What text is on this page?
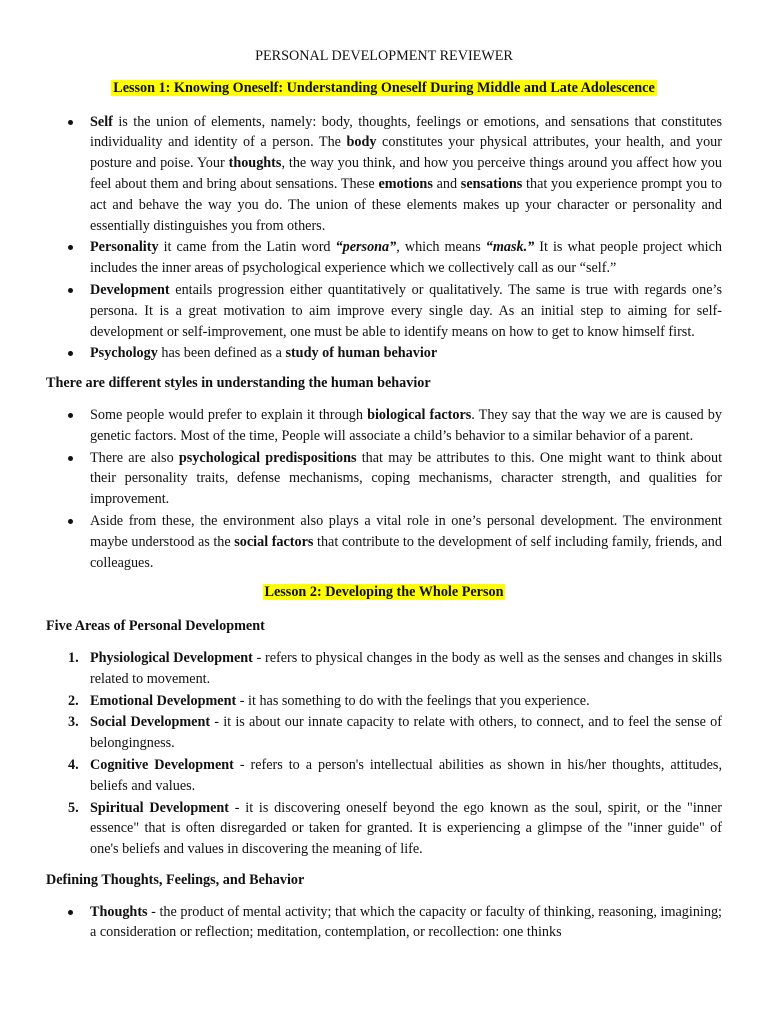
PERSONAL DEVELOPMENT REVIEWER
Lesson 1: Knowing Oneself: Understanding Oneself During Middle and Late Adolescence
Self is the union of elements, namely: body, thoughts, feelings or emotions, and sensations that constitutes individuality and identity of a person. The body constitutes your physical attributes, your health, and your posture and poise. Your thoughts, the way you think, and how you perceive things around you affect how you feel about them and bring about sensations. These emotions and sensations that you experience prompt you to act and behave the way you do. The union of these elements makes up your character or personality and essentially distinguishes you from others.
Personality it came from the Latin word “persona”, which means “mask.” It is what people project which includes the inner areas of psychological experience which we collectively call as our “self.”
Development entails progression either quantitatively or qualitatively. The same is true with regards one’s persona. It is a great motivation to aim improve every single day. As an initial step to aiming for self-development or self-improvement, one must be able to identify means on how to get to know himself first.
Psychology has been defined as a study of human behavior
There are different styles in understanding the human behavior
Some people would prefer to explain it through biological factors. They say that the way we are is caused by genetic factors. Most of the time, People will associate a child’s behavior to a similar behavior of a parent.
There are also psychological predispositions that may be attributes to this. One might want to think about their personality traits, defense mechanisms, coping mechanisms, character strength, and qualities for improvement.
Aside from these, the environment also plays a vital role in one’s personal development. The environment maybe understood as the social factors that contribute to the development of self including family, friends, and colleagues.
Lesson 2: Developing the Whole Person
Five Areas of Personal Development
1. Physiological Development - refers to physical changes in the body as well as the senses and changes in skills related to movement.
2. Emotional Development - it has something to do with the feelings that you experience.
3. Social Development - it is about our innate capacity to relate with others, to connect, and to feel the sense of belongingness.
4. Cognitive Development - refers to a person's intellectual abilities as shown in his/her thoughts, attitudes, beliefs and values.
5. Spiritual Development - it is discovering oneself beyond the ego known as the soul, spirit, or the "inner essence" that is often disregarded or taken for granted. It is experiencing a glimpse of the "inner guide" of one's beliefs and values in discovering the meaning of life.
Defining Thoughts, Feelings, and Behavior
Thoughts - the product of mental activity; that which the capacity or faculty of thinking, reasoning, imagining; a consideration or reflection; meditation, contemplation, or recollection: one thinks
